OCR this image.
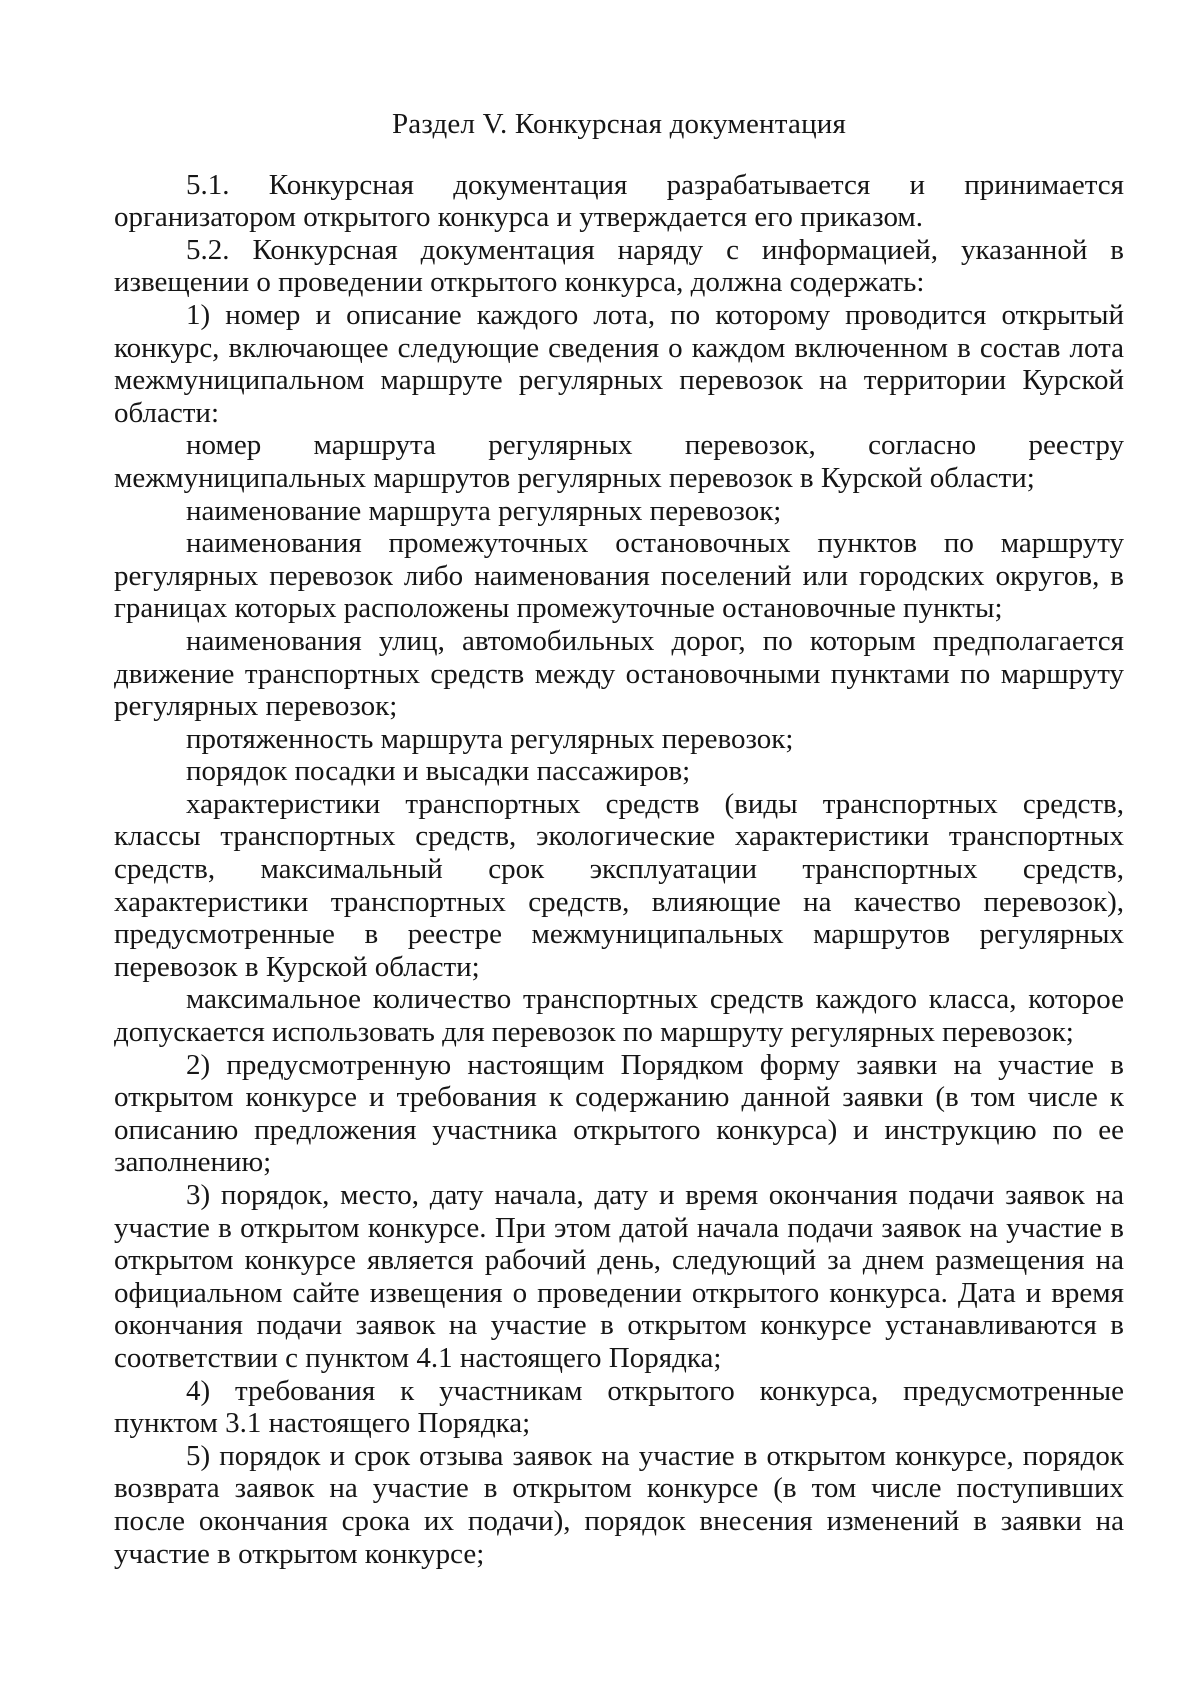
Раздел V. Конкурсная документация

5.1. Конкурсная документация разрабатывается и принимается организатором открытого конкурса и утверждается его приказом.

5.2. Конкурсная документация наряду с информацией, указанной в извещении о проведении открытого конкурса, должна содержать:

1) номер и описание каждого лота, по которому проводится открытый конкурс, включающее следующие сведения о каждом включенном в состав лота межмуниципальном маршруте регулярных перевозок на территории Курской области:

номер маршрута регулярных перевозок, согласно реестру межмуниципальных маршрутов регулярных перевозок в Курской области;

наименование маршрута регулярных перевозок;

наименования промежуточных остановочных пунктов по маршруту регулярных перевозок либо наименования поселений или городских округов, в границах которых расположены промежуточные остановочные пункты;

наименования улиц, автомобильных дорог, по которым предполагается движение транспортных средств между остановочными пунктами по маршруту регулярных перевозок;

протяженность маршрута регулярных перевозок;

порядок посадки и высадки пассажиров;

характеристики транспортных средств (виды транспортных средств, классы транспортных средств, экологические характеристики транспортных средств, максимальный срок эксплуатации транспортных средств, характеристики транспортных средств, влияющие на качество перевозок), предусмотренные в реестре межмуниципальных маршрутов регулярных перевозок в Курской области;

максимальное количество транспортных средств каждого класса, которое допускается использовать для перевозок по маршруту регулярных перевозок;

2) предусмотренную настоящим Порядком форму заявки на участие в открытом конкурсе и требования к содержанию данной заявки (в том числе к описанию предложения участника открытого конкурса) и инструкцию по ее заполнению;

3) порядок, место, дату начала, дату и время окончания подачи заявок на участие в открытом конкурсе. При этом датой начала подачи заявок на участие в открытом конкурсе является рабочий день, следующий за днем размещения на официальном сайте извещения о проведении открытого конкурса. Дата и время окончания подачи заявок на участие в открытом конкурсе устанавливаются в соответствии с пунктом 4.1 настоящего Порядка;

4) требования к участникам открытого конкурса, предусмотренные пунктом 3.1 настоящего Порядка;

5) порядок и срок отзыва заявок на участие в открытом конкурсе, порядок возврата заявок на участие в открытом конкурсе (в том числе поступивших после окончания срока их подачи), порядок внесения изменений в заявки на участие в открытом конкурсе;
